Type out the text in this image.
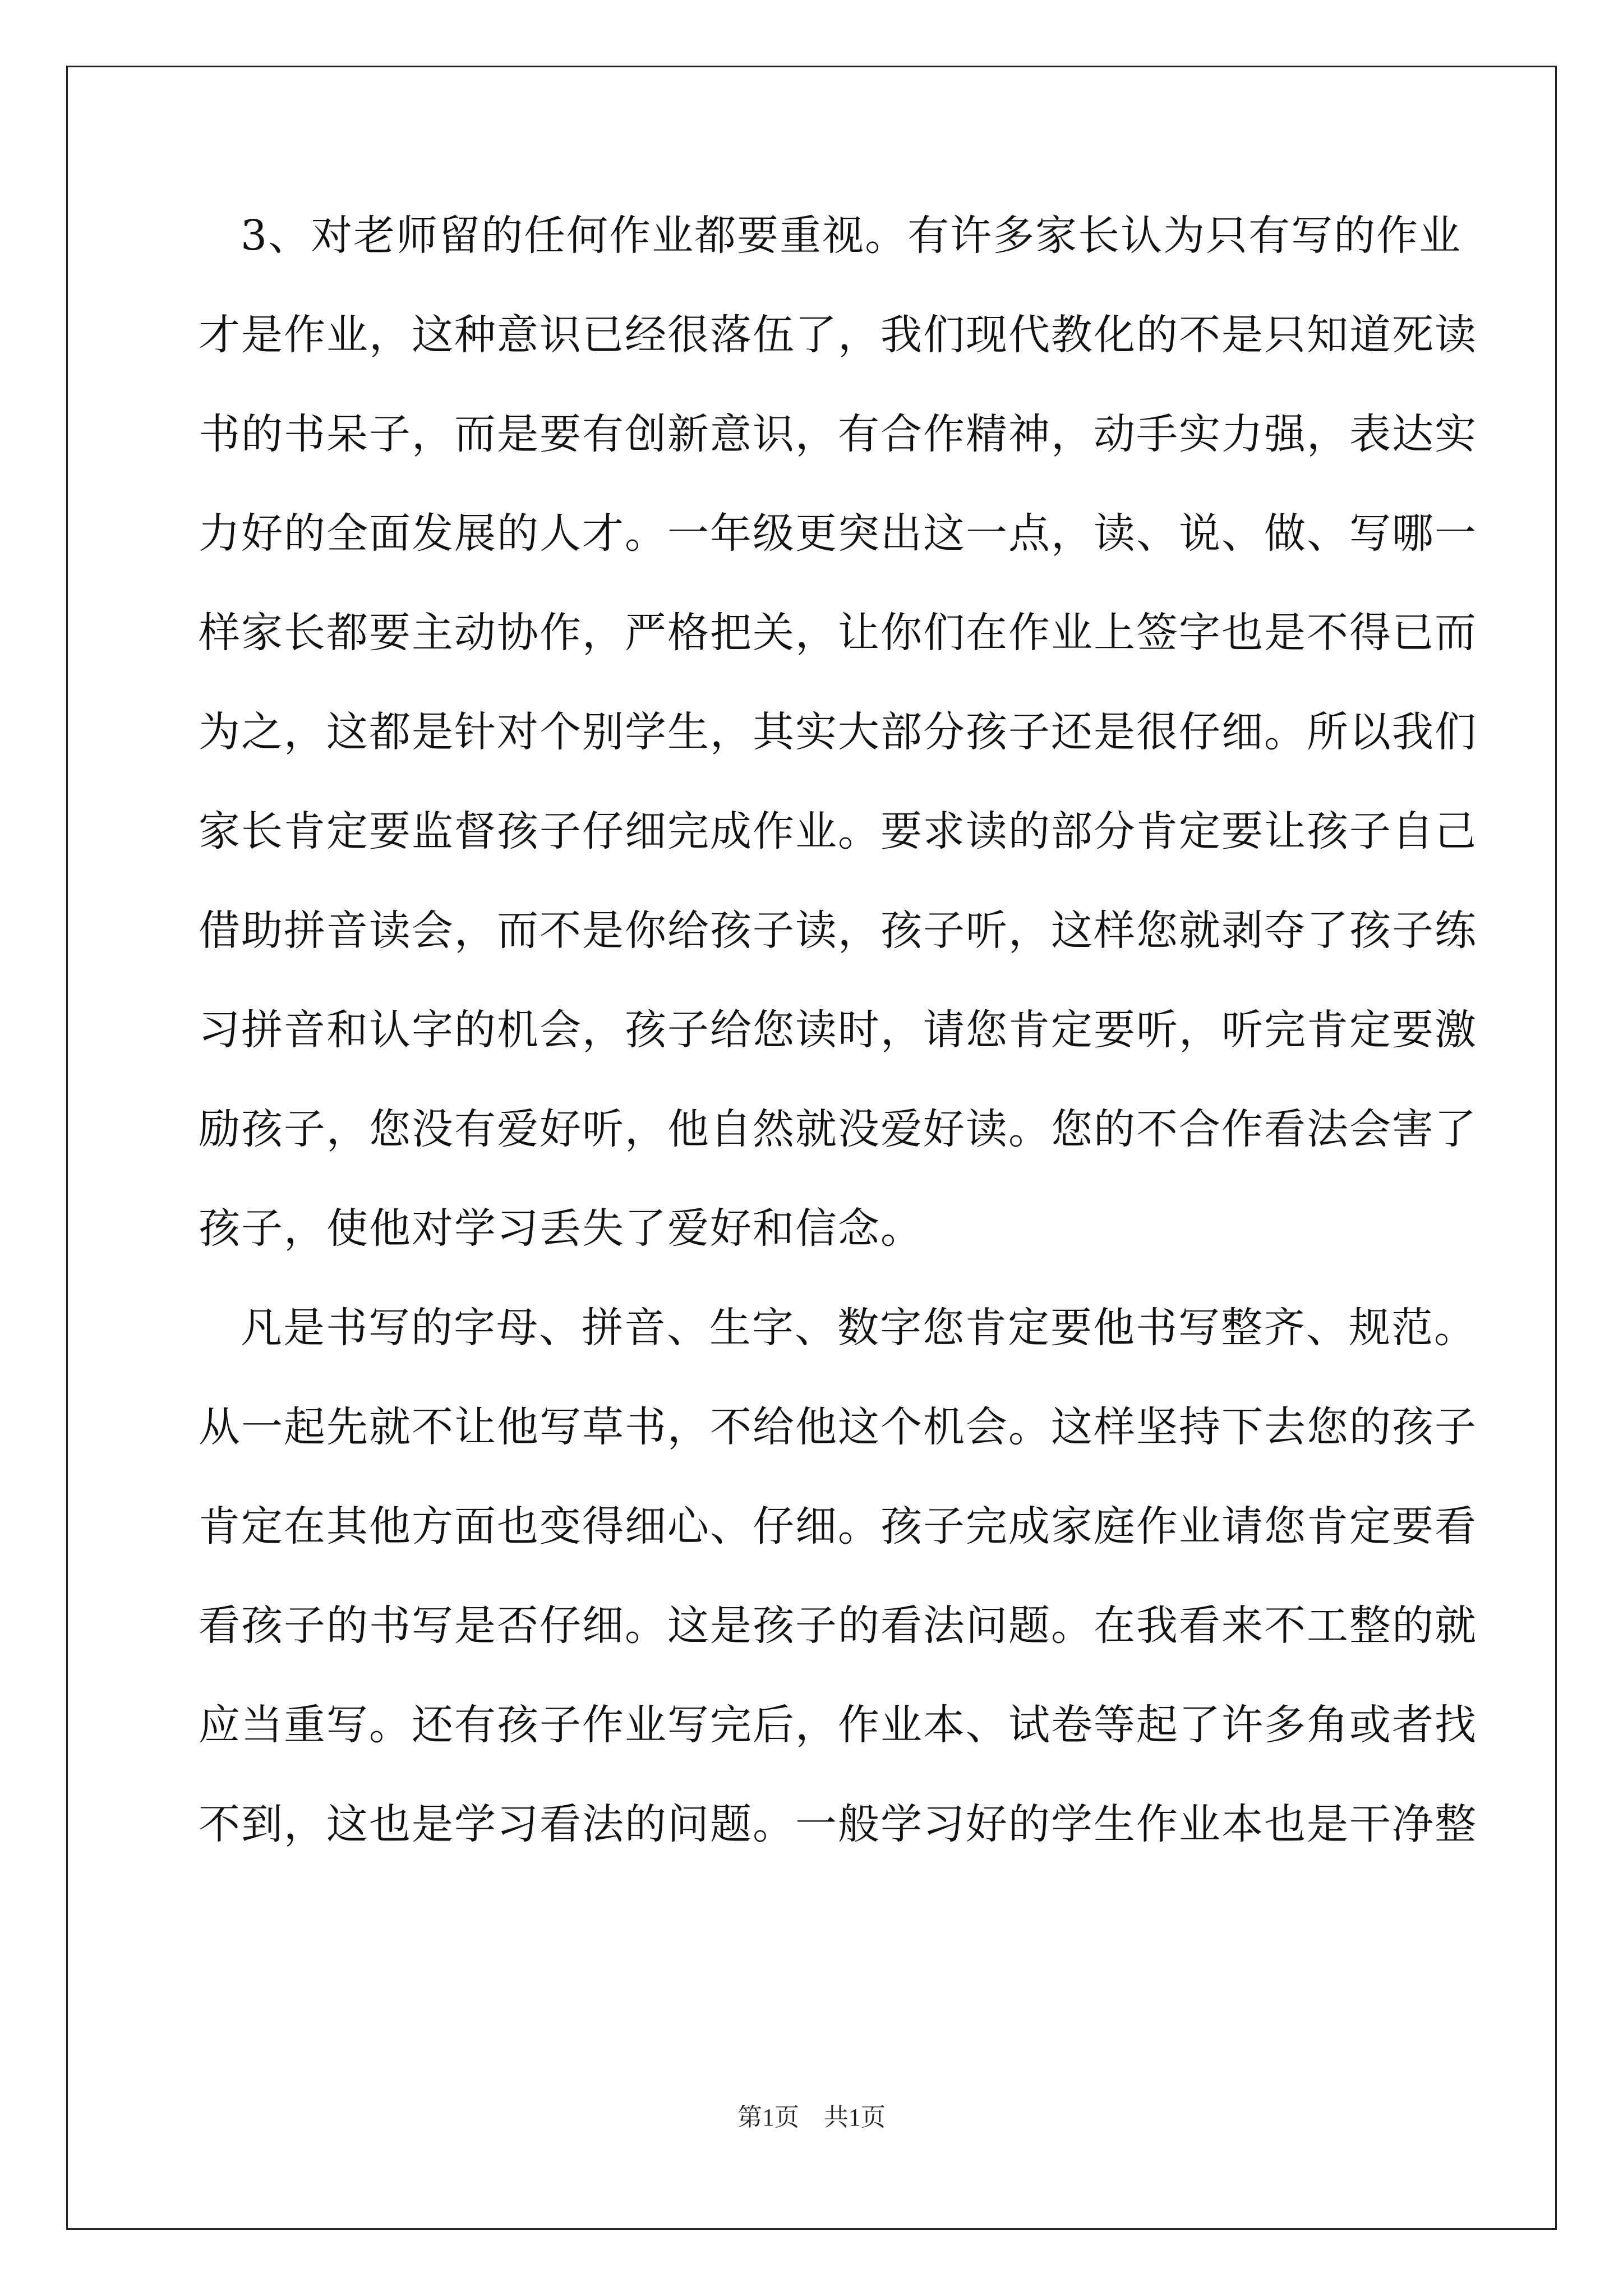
3、对老师留的任何作业都要重视。有许多家长认为只有写的作业
才是作业，这种意识已经很落伍了，我们现代教化的不是只知道死读
书的书呆子，而是要有创新意识，有合作精神，动手实力强，表达实
力好的全面发展的人才。一年级更突出这一点，读、说、做、写哪一
样家长都要主动协作，严格把关，让你们在作业上签字也是不得已而
为之，这都是针对个别学生，其实大部分孩子还是很仔细。所以我们
家长肯定要监督孩子仔细完成作业。要求读的部分肯定要让孩子自己
借助拼音读会，而不是你给孩子读，孩子听，这样您就剥夺了孩子练
习拼音和认字的机会，孩子给您读时，请您肯定要听，听完肯定要激
励孩子，您没有爱好听，他自然就没爱好读。您的不合作看法会害了
孩子，使他对学习丢失了爱好和信念。
凡是书写的字母、拼音、生字、数字您肯定要他书写整齐、规范。
从一起先就不让他写草书，不给他这个机会。这样坚持下去您的孩子
肯定在其他方面也变得细心、仔细。孩子完成家庭作业请您肯定要看
看孩子的书写是否仔细。这是孩子的看法问题。在我看来不工整的就
应当重写。还有孩子作业写完后，作业本、试卷等起了许多角或者找
不到，这也是学习看法的问题。一般学习好的学生作业本也是干净整
第1页 共1页
